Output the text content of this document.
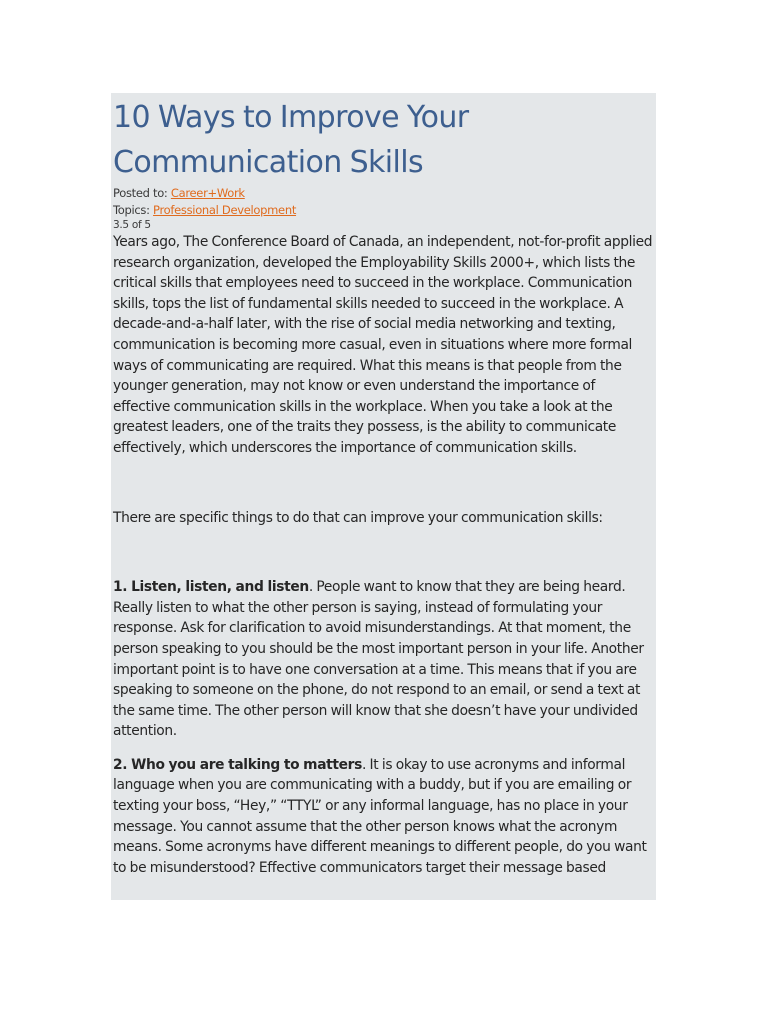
10 Ways to Improve Your Communication Skills
Posted to: Career+Work
Topics: Professional Development
3.5 of 5

Years ago, The Conference Board of Canada, an independent, not-for-profit applied research organization, developed the Employability Skills 2000+, which lists the critical skills that employees need to succeed in the workplace. Communication skills, tops the list of fundamental skills needed to succeed in the workplace. A decade-and-a-half later, with the rise of social media networking and texting, communication is becoming more casual, even in situations where more formal ways of communicating are required. What this means is that people from the younger generation, may not know or even understand the importance of effective communication skills in the workplace. When you take a look at the greatest leaders, one of the traits they possess, is the ability to communicate effectively, which underscores the importance of communication skills.

There are specific things to do that can improve your communication skills:

1. Listen, listen, and listen. People want to know that they are being heard. Really listen to what the other person is saying, instead of formulating your response. Ask for clarification to avoid misunderstandings. At that moment, the person speaking to you should be the most important person in your life. Another important point is to have one conversation at a time. This means that if you are speaking to someone on the phone, do not respond to an email, or send a text at the same time. The other person will know that she doesn’t have your undivided attention.

2. Who you are talking to matters. It is okay to use acronyms and informal language when you are communicating with a buddy, but if you are emailing or texting your boss, “Hey,” “TTYL” or any informal language, has no place in your message. You cannot assume that the other person knows what the acronym means. Some acronyms have different meanings to different people, do you want to be misunderstood? Effective communicators target their message based
